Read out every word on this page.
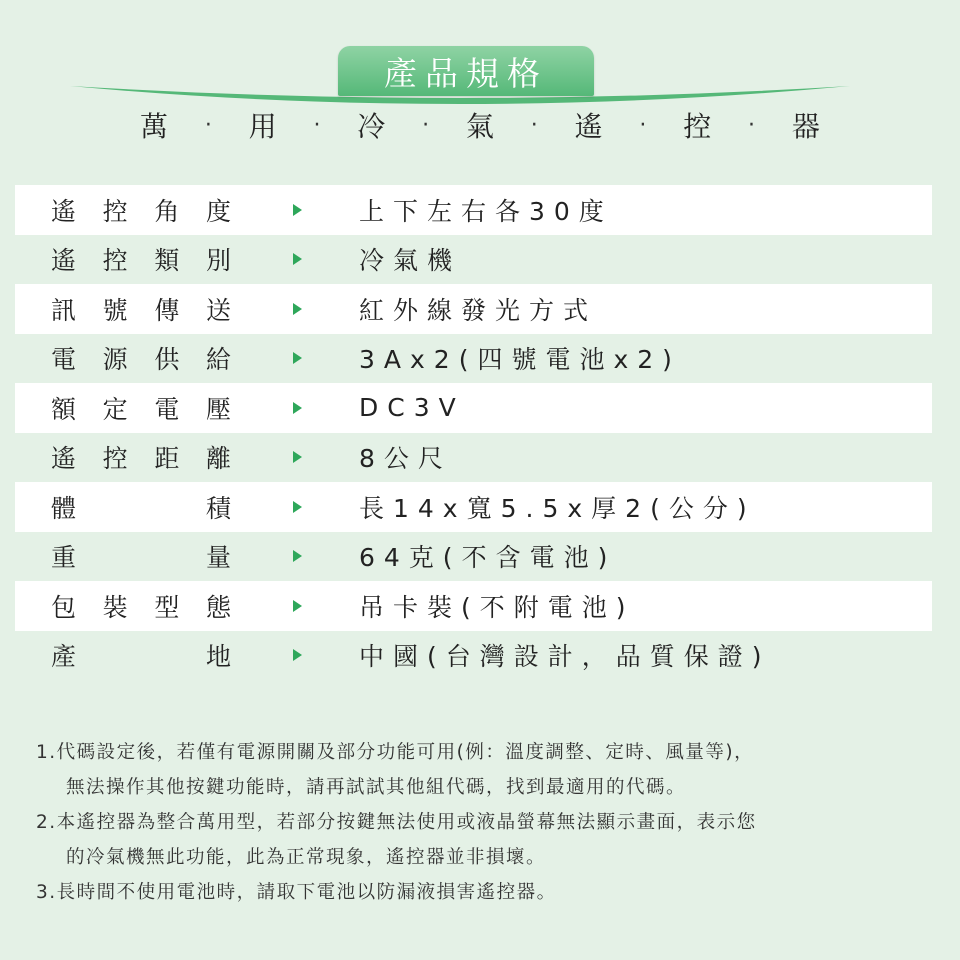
產品規格
萬 · 用 · 冷 · 氣 · 遙 · 控 · 器
遙 控 角 度	上下左右各30度
遙 控 類 別	冷氣機
訊 號 傳 送	紅外線發光方式
電 源 供 給	3Ax2(四號電池x2)
額 定 電 壓	DC3V
遙 控 距 離	8公尺
體	積	長14x寬5.5x厚2(公分)
重	量	64克(不含電池)
包 裝 型 態	吊卡裝(不附電池)
產	地	中國(台灣設計，品質保證)
1.代碼設定後，若僅有電源開關及部分功能可用(例：溫度調整、定時、風量等)，
無法操作其他按鍵功能時，請再試試其他組代碼，找到最適用的代碼。
2.本遙控器為整合萬用型，若部分按鍵無法使用或液晶螢幕無法顯示畫面，表示您
的冷氣機無此功能，此為正常現象，遙控器並非損壞。
3.長時間不使用電池時，請取下電池以防漏液損害遙控器。
